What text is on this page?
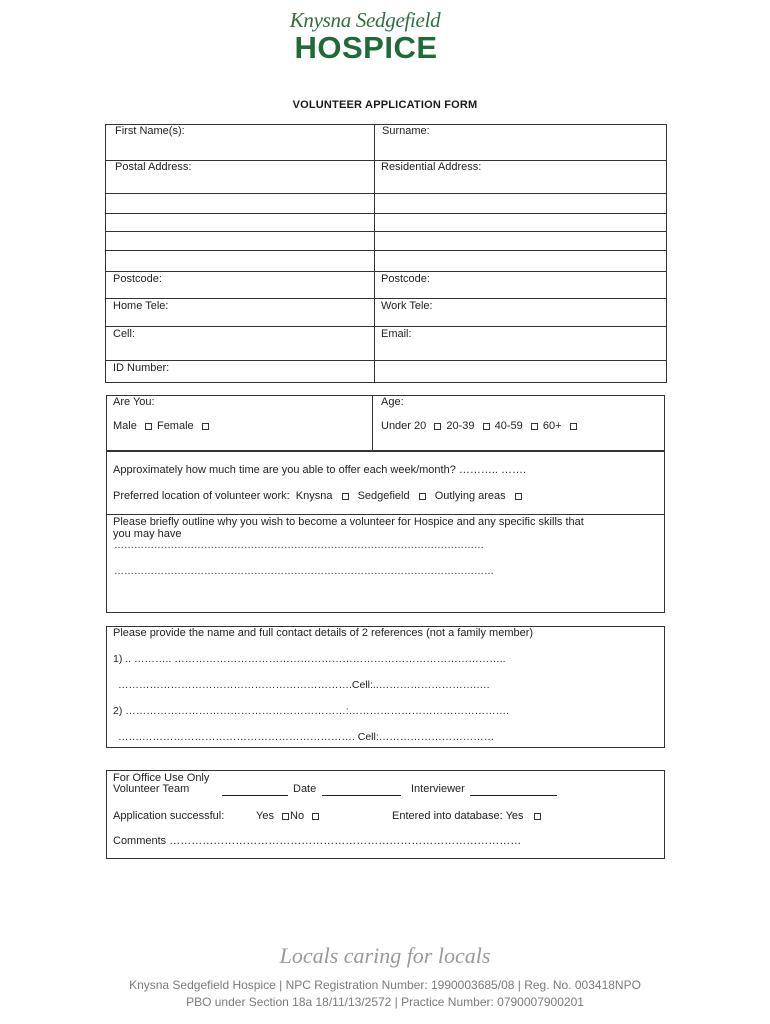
Knysna Sedgefield
HOSPICE
VOLUNTEER APPLICATION FORM
First Name(s):	Surname:
Postal Address:	Residential Address:
Postcode:	Postcode:
Home Tele:	Work Tele:
Cell:	Email:
ID Number:
Are You:	Age:
Male Female	Under 20 20-39 40-59 60+
Approximately how much time are you able to offer each week/month? ……….. …….
Preferred location of volunteer work: Knysna Sedgefield Outlying areas
Please briefly outline why you wish to become a volunteer for Hospice and any specific skills that
you may have
…………………………………………………………………………………………………
……………………………………………………………………………………………………
Please provide the name and full contact details of 2 references (not a family member)
1) .. ……….. …………………………………………………………………………………..
………………………………………………………….Cell:..……………………….….
2) ………………………………………………………:……………………………………….
…….……………………………………………………. Cell:……………………………
For Office Use Only
Volunteer Team	Date	Interviewer
Application successful:	Yes No	Entered into database: Yes
Comments ……………………………………………………………………………………
Locals caring for locals
Knysna Sedgefield Hospice | NPC Registration Number: 1990003685/08 | Reg. No. 003418NPO
PBO under Section 18a 18/11/13/2572 | Practice Number: 0790007900201
